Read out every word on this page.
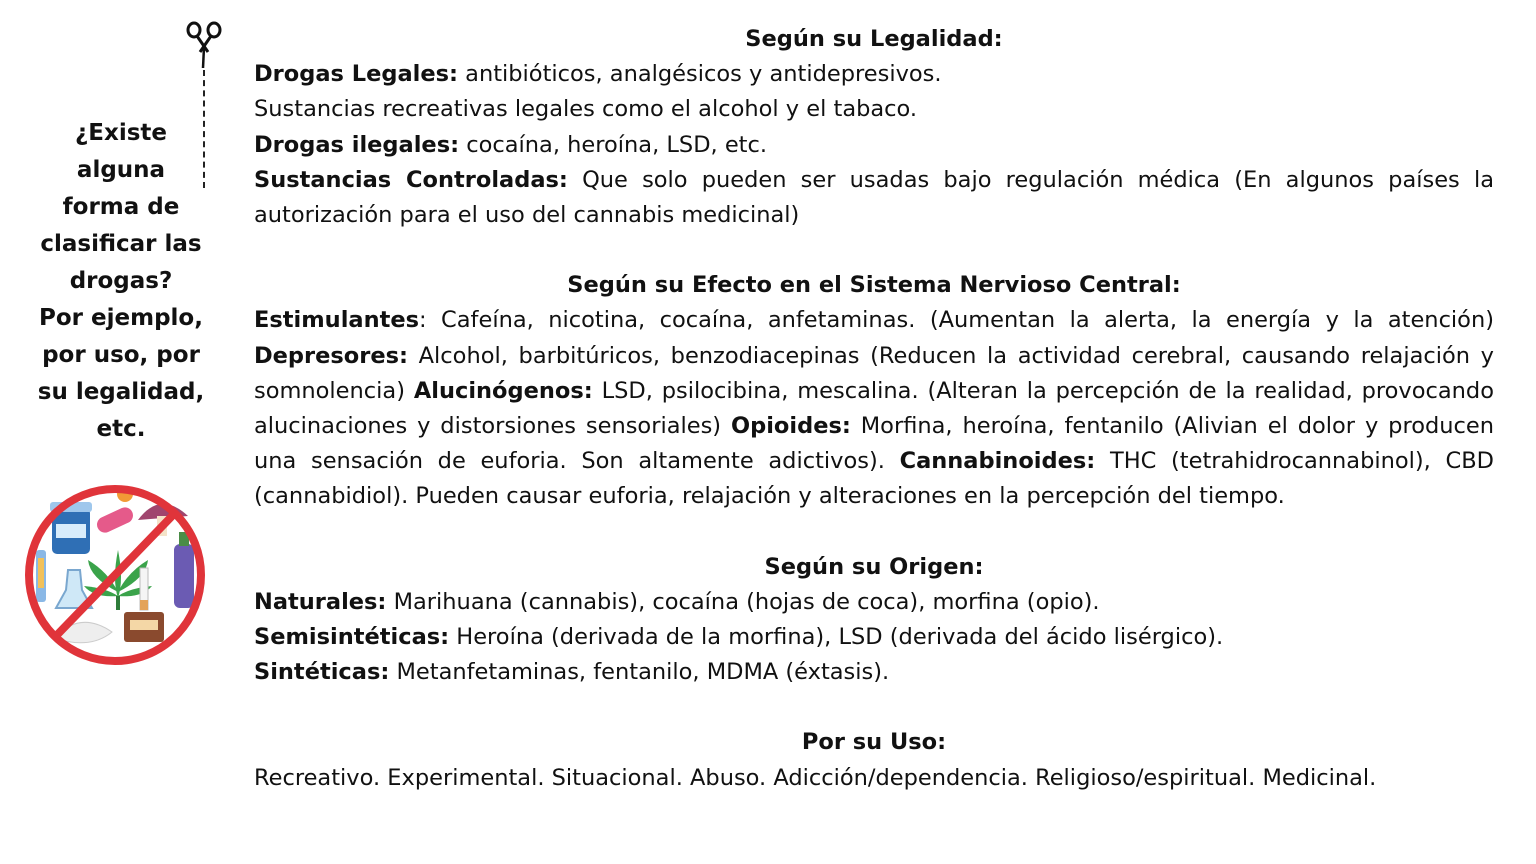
¿Existe
alguna
forma de
clasificar las
drogas?
Por ejemplo,
por uso, por
su legalidad,
etc.

Según su Legalidad:

Drogas Legales: antibióticos, analgésicos y antidepresivos.

Sustancias recreativas legales como el alcohol y el tabaco.

Drogas ilegales: cocaína, heroína, LSD, etc.

Sustancias Controladas: Que solo pueden ser usadas bajo regulación médica (En algunos países la autorización para el uso del cannabis medicinal)

Según su Efecto en el Sistema Nervioso Central:

Estimulantes: Cafeína, nicotina, cocaína, anfetaminas. (Aumentan la alerta, la energía y la atención) Depresores: Alcohol, barbitúricos, benzodiacepinas (Reducen la actividad cerebral, causando relajación y somnolencia) Alucinógenos: LSD, psilocibina, mescalina. (Alteran la percepción de la realidad, provocando alucinaciones y distorsiones sensoriales) Opioides: Morfina, heroína, fentanilo (Alivian el dolor y producen una sensación de euforia. Son altamente adictivos). Cannabinoides: THC (tetrahidrocannabinol), CBD (cannabidiol). Pueden causar euforia, relajación y alteraciones en la percepción del tiempo.

Según su Origen:

Naturales: Marihuana (cannabis), cocaína (hojas de coca), morfina (opio).

Semisintéticas: Heroína (derivada de la morfina), LSD (derivada del ácido lisérgico).

Sintéticas: Metanfetaminas, fentanilo, MDMA (éxtasis).

Por su Uso:

Recreativo. Experimental. Situacional. Abuso. Adicción/dependencia. Religioso/espiritual. Medicinal.
